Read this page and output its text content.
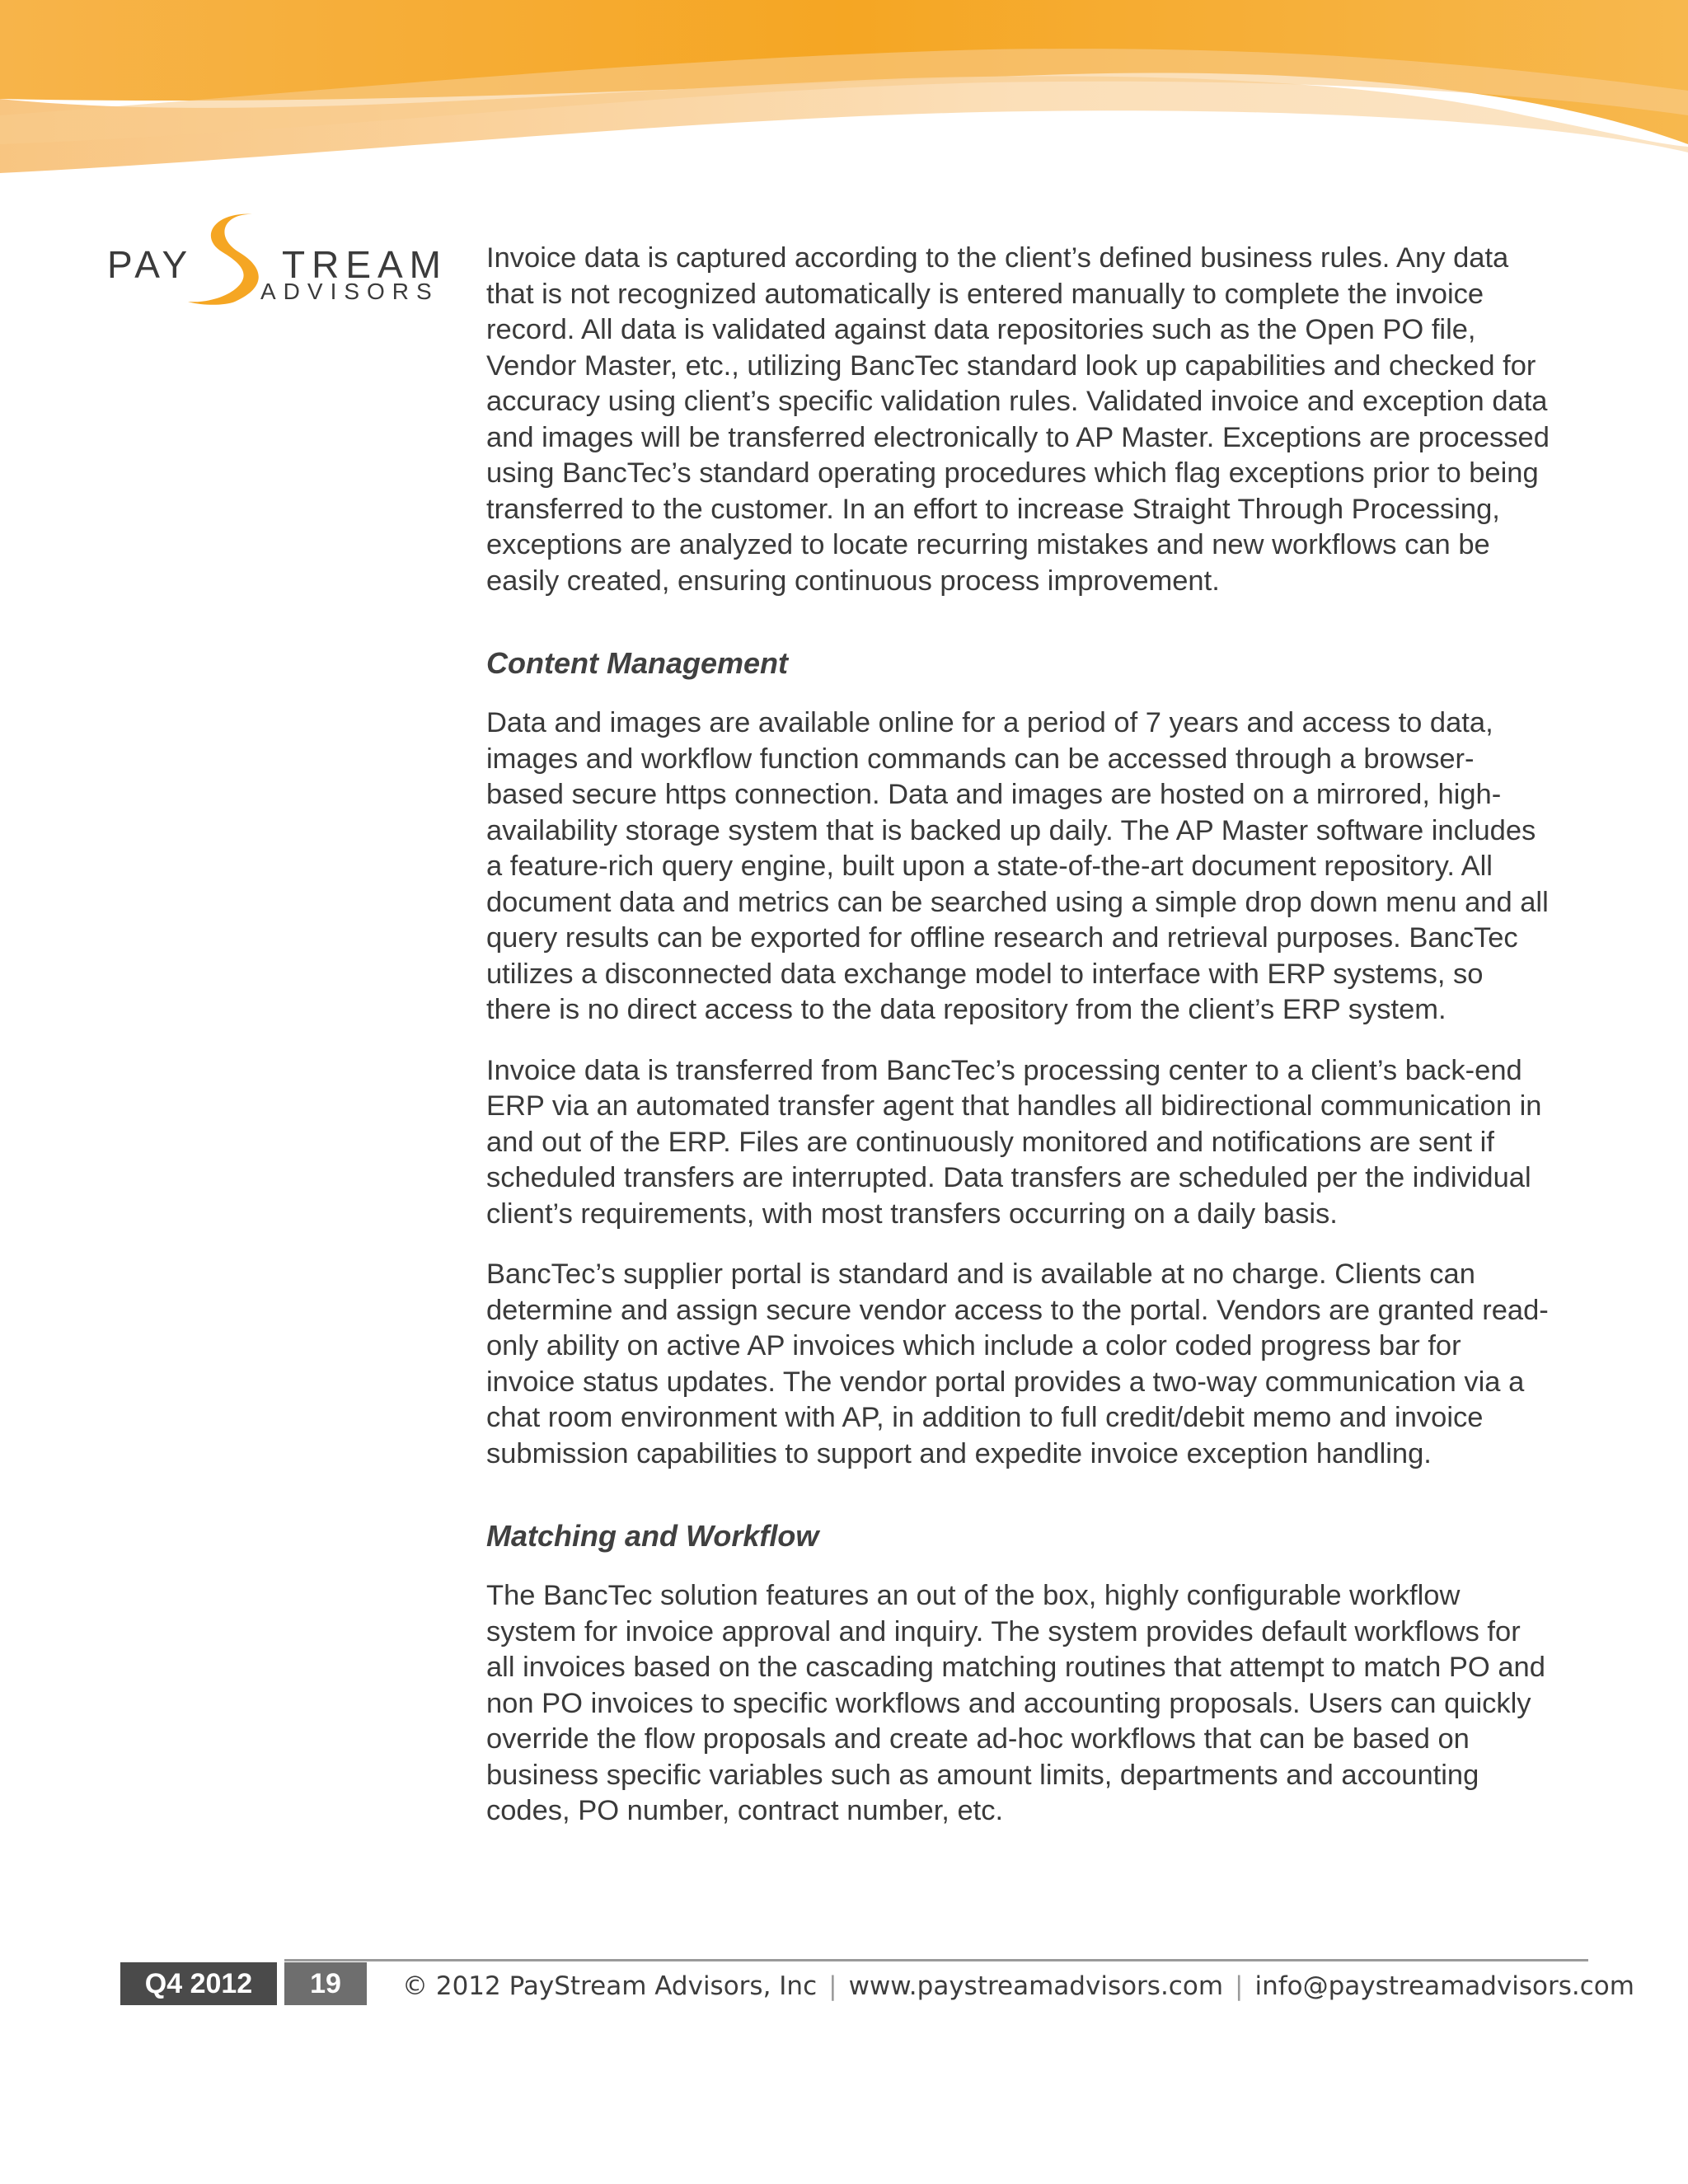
PAY TREAM
ADVISORS

Invoice data is captured according to the client’s defined business rules. Any data that is not recognized automatically is entered manually to complete the invoice record. All data is validated against data repositories such as the Open PO file, Vendor Master, etc., utilizing BancTec standard look up capabilities and checked for accuracy using client’s specific validation rules. Validated invoice and exception data and images will be transferred electronically to AP Master. Exceptions are processed using BancTec’s standard operating procedures which flag exceptions prior to being transferred to the customer. In an effort to increase Straight Through Processing, exceptions are analyzed to locate recurring mistakes and new workflows can be easily created, ensuring continuous process improvement.

Content Management

Data and images are available online for a period of 7 years and access to data, images and workflow function commands can be accessed through a browser-based secure https connection. Data and images are hosted on a mirrored, high-availability storage system that is backed up daily. The AP Master software includes a feature-rich query engine, built upon a state-of-the-art document repository. All document data and metrics can be searched using a simple drop down menu and all query results can be exported for offline research and retrieval purposes. BancTec utilizes a disconnected data exchange model to interface with ERP systems, so there is no direct access to the data repository from the client’s ERP system.

Invoice data is transferred from BancTec’s processing center to a client’s back-end ERP via an automated transfer agent that handles all bidirectional communication in and out of the ERP. Files are continuously monitored and notifications are sent if scheduled transfers are interrupted. Data transfers are scheduled per the individual client’s requirements, with most transfers occurring on a daily basis.

BancTec’s supplier portal is standard and is available at no charge. Clients can determine and assign secure vendor access to the portal. Vendors are granted read-only ability on active AP invoices which include a color coded progress bar for invoice status updates. The vendor portal provides a two-way communication via a chat room environment with AP, in addition to full credit/debit memo and invoice submission capabilities to support and expedite invoice exception handling.

Matching and Workflow

The BancTec solution features an out of the box, highly configurable workflow system for invoice approval and inquiry. The system provides default workflows for all invoices based on the cascading matching routines that attempt to match PO and non PO invoices to specific workflows and accounting proposals. Users can quickly override the flow proposals and create ad-hoc workflows that can be based on business specific variables such as amount limits, departments and accounting codes, PO number, contract number, etc.

Q4 2012	19	© 2012 PayStream Advisors, Inc | www.paystreamadvisors.com | info@paystreamadvisors.com
